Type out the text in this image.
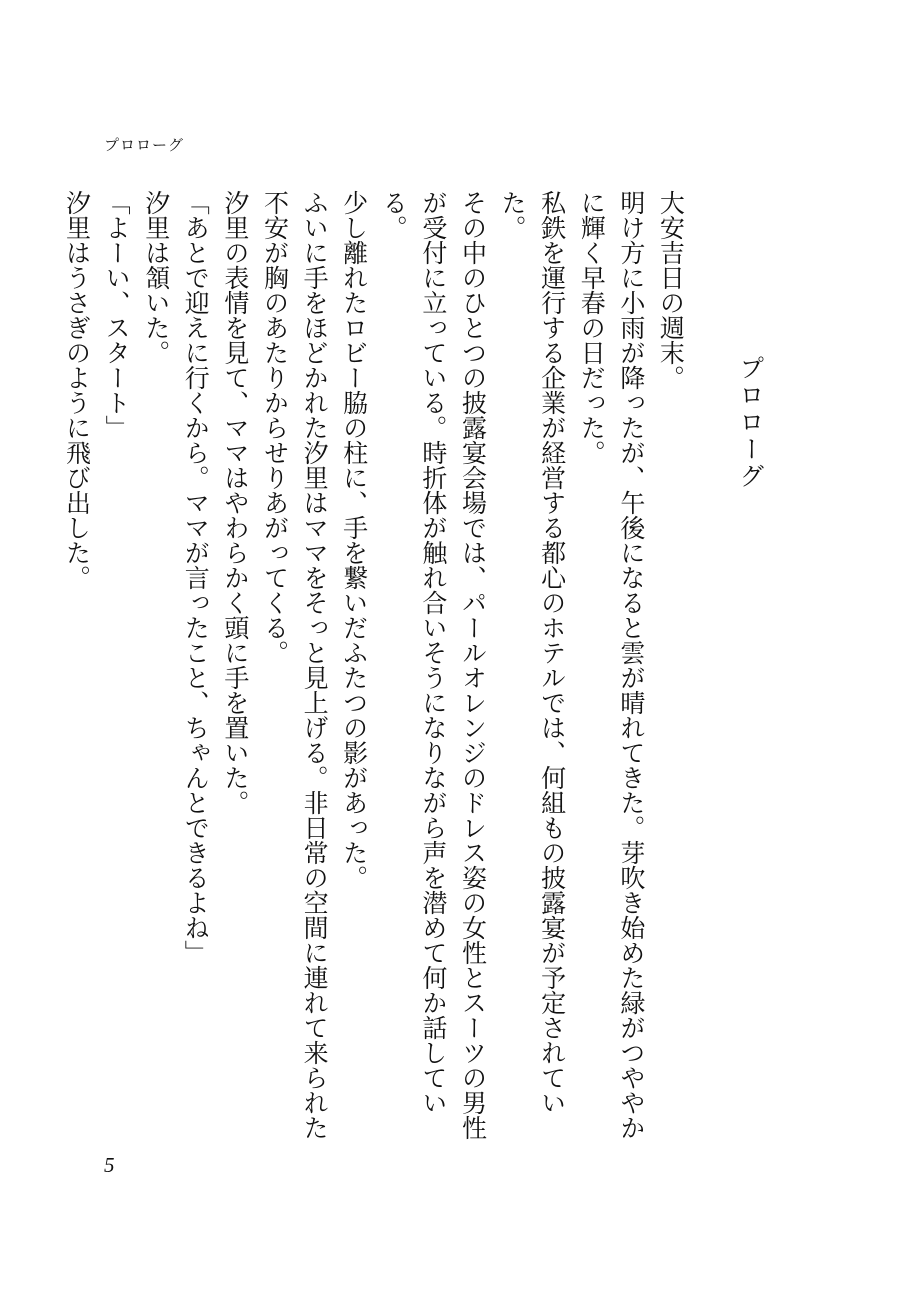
プロローグ
プロローグ

大安吉日の週末。

明け方に小雨が降ったが、午後になると雲が晴れてきた。芽吹き始めた緑がつややかに輝く早春の日だった。

私鉄を運行する企業が経営する都心のホテルでは、何組もの披露宴が予定されていた。

その中のひとつの披露宴会場では、パールオレンジのドレス姿の女性とスーツの男性が受付に立っている。時折体が触れ合いそうになりながら声を潜めて何か話している。

少し離れたロビー脇の柱に、手を繋いだふたつの影があった。

ふいに手をほどかれた汐里はママをそっと見上げる。非日常の空間に連れて来られた不安が胸のあたりからせりあがってくる。

汐里の表情を見て、ママはやわらかく頭に手を置いた。

「あとで迎えに行くから。ママが言ったこと、ちゃんとできるよね」

汐里は頷いた。

「よーい、スタート」

汐里はうさぎのように飛び出した。

5
